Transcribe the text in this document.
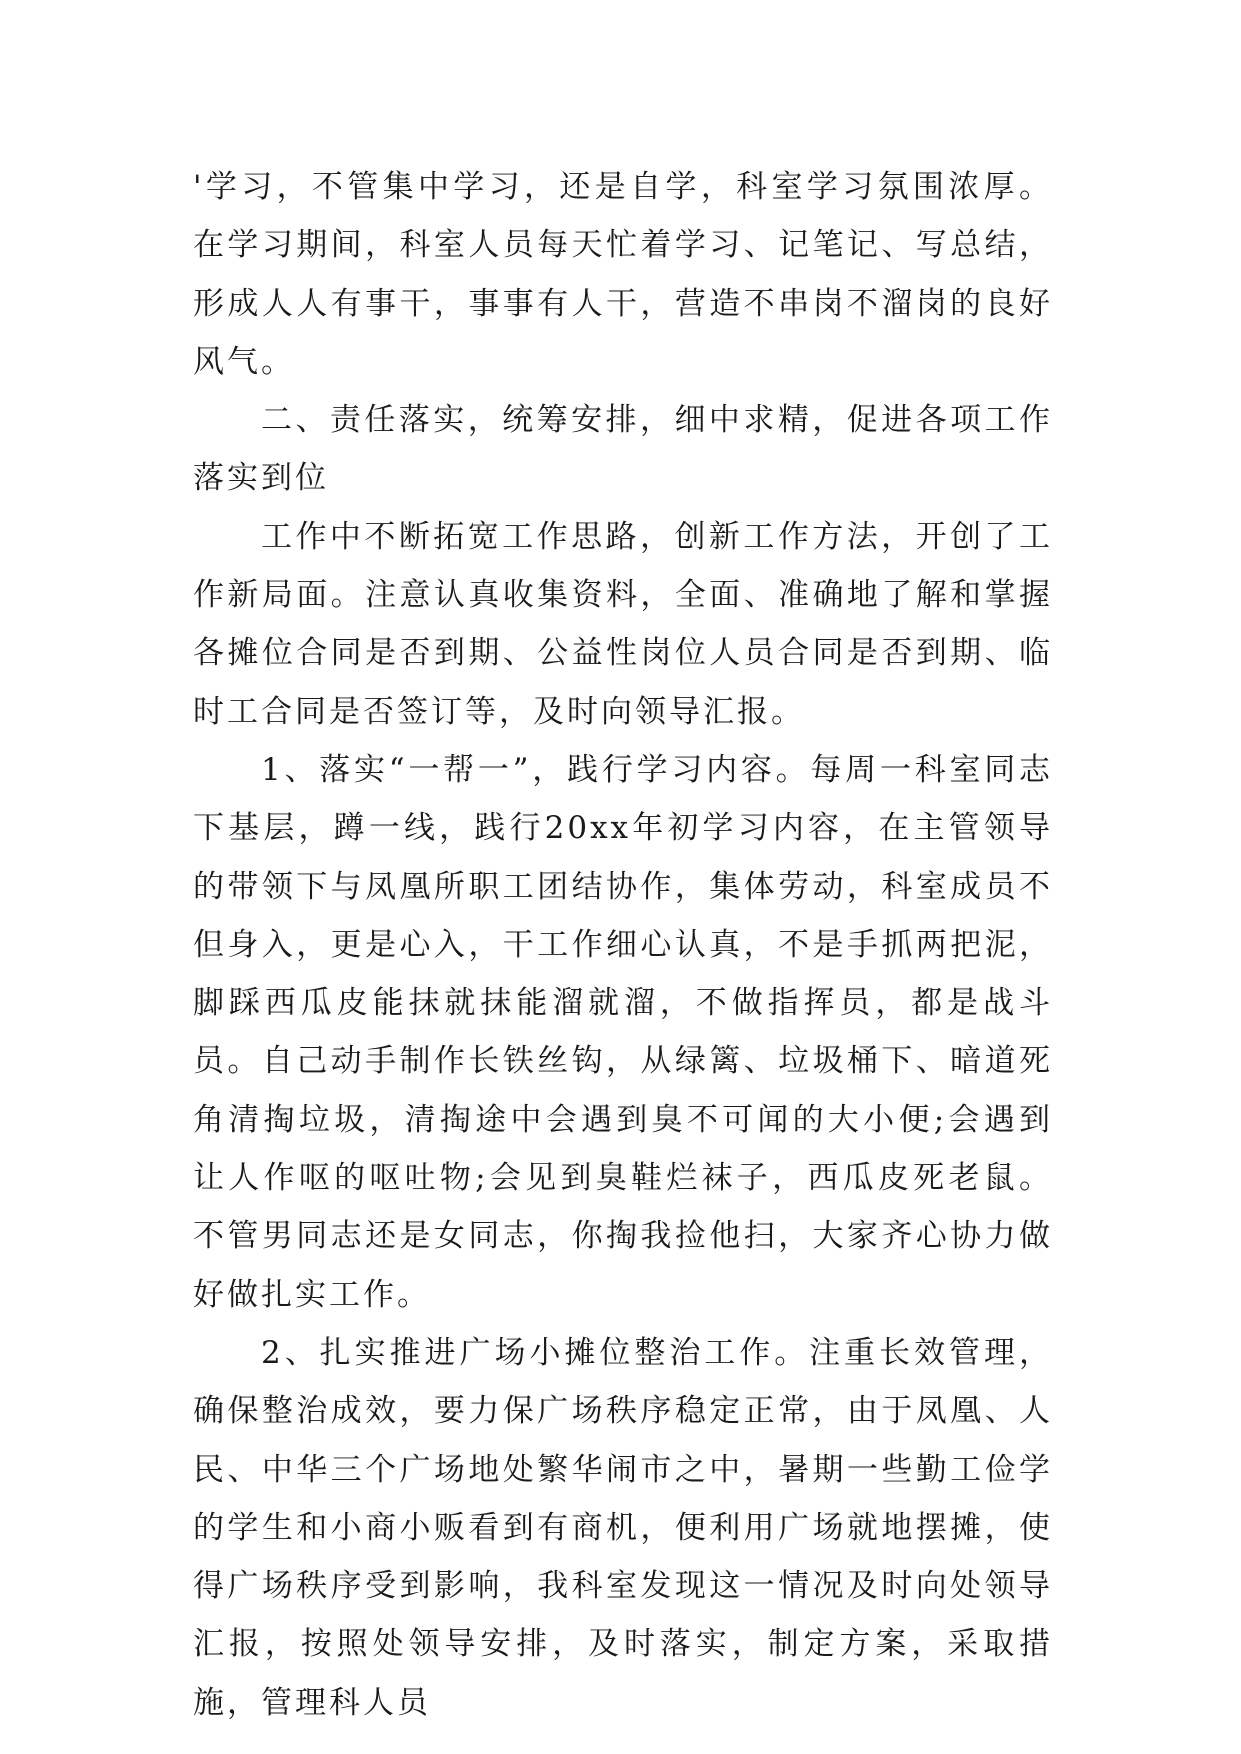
'学习，不管集中学习，还是自学，科室学习氛围浓厚。在学习期间，科室人员每天忙着学习、记笔记、写总结，形成人人有事干，事事有人干，营造不串岗不溜岗的良好风气。

二、责任落实，统筹安排，细中求精，促进各项工作落实到位

工作中不断拓宽工作思路，创新工作方法，开创了工作新局面。注意认真收集资料，全面、准确地了解和掌握各摊位合同是否到期、公益性岗位人员合同是否到期、临时工合同是否签订等，及时向领导汇报。

1、落实“一帮一”，践行学习内容。每周一科室同志下基层，蹲一线，践行20xx年初学习内容，在主管领导的带领下与凤凰所职工团结协作，集体劳动，科室成员不但身入，更是心入，干工作细心认真，不是手抓两把泥，脚踩西瓜皮能抹就抹能溜就溜，不做指挥员，都是战斗员。自己动手制作长铁丝钩，从绿篱、垃圾桶下、暗道死角清掏垃圾，清掏途中会遇到臭不可闻的大小便;会遇到让人作呕的呕吐物;会见到臭鞋烂袜子，西瓜皮死老鼠。不管男同志还是女同志，你掏我捡他扫，大家齐心协力做好做扎实工作。

2、扎实推进广场小摊位整治工作。注重长效管理，确保整治成效，要力保广场秩序稳定正常，由于凤凰、人民、中华三个广场地处繁华闹市之中，暑期一些勤工俭学的学生和小商小贩看到有商机，便利用广场就地摆摊，使得广场秩序受到影响，我科室发现这一情况及时向处领导汇报，按照处领导安排，及时落实，制定方案，采取措施，管理科人员
